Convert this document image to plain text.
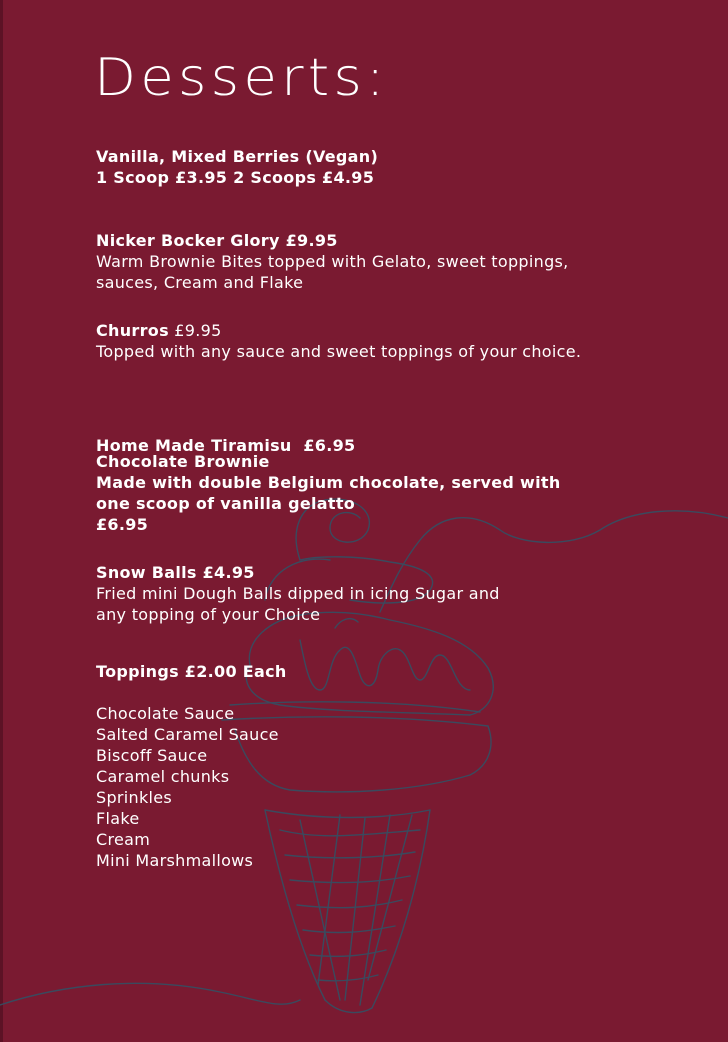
Desserts:
Vanilla, Mixed Berries (Vegan)
1 Scoop £3.95 2 Scoops £4.95
Nicker Bocker Glory £9.95
Warm Brownie Bites topped with Gelato, sweet toppings,
sauces, Cream and Flake
Churros £9.95
Topped with any sauce and sweet toppings of your choice.

Home Made Tiramisu  £6.95

Chocolate Brownie
Made with double Belgium chocolate, served with
one scoop of vanilla gelatto
£6.95
Snow Balls £4.95
Fried mini Dough Balls dipped in icing Sugar and
any topping of your Choice
Toppings £2.00 Each
Chocolate Sauce
Salted Caramel Sauce
Biscoff Sauce
Caramel chunks
Sprinkles
Flake
Cream
Mini Marshmallows
